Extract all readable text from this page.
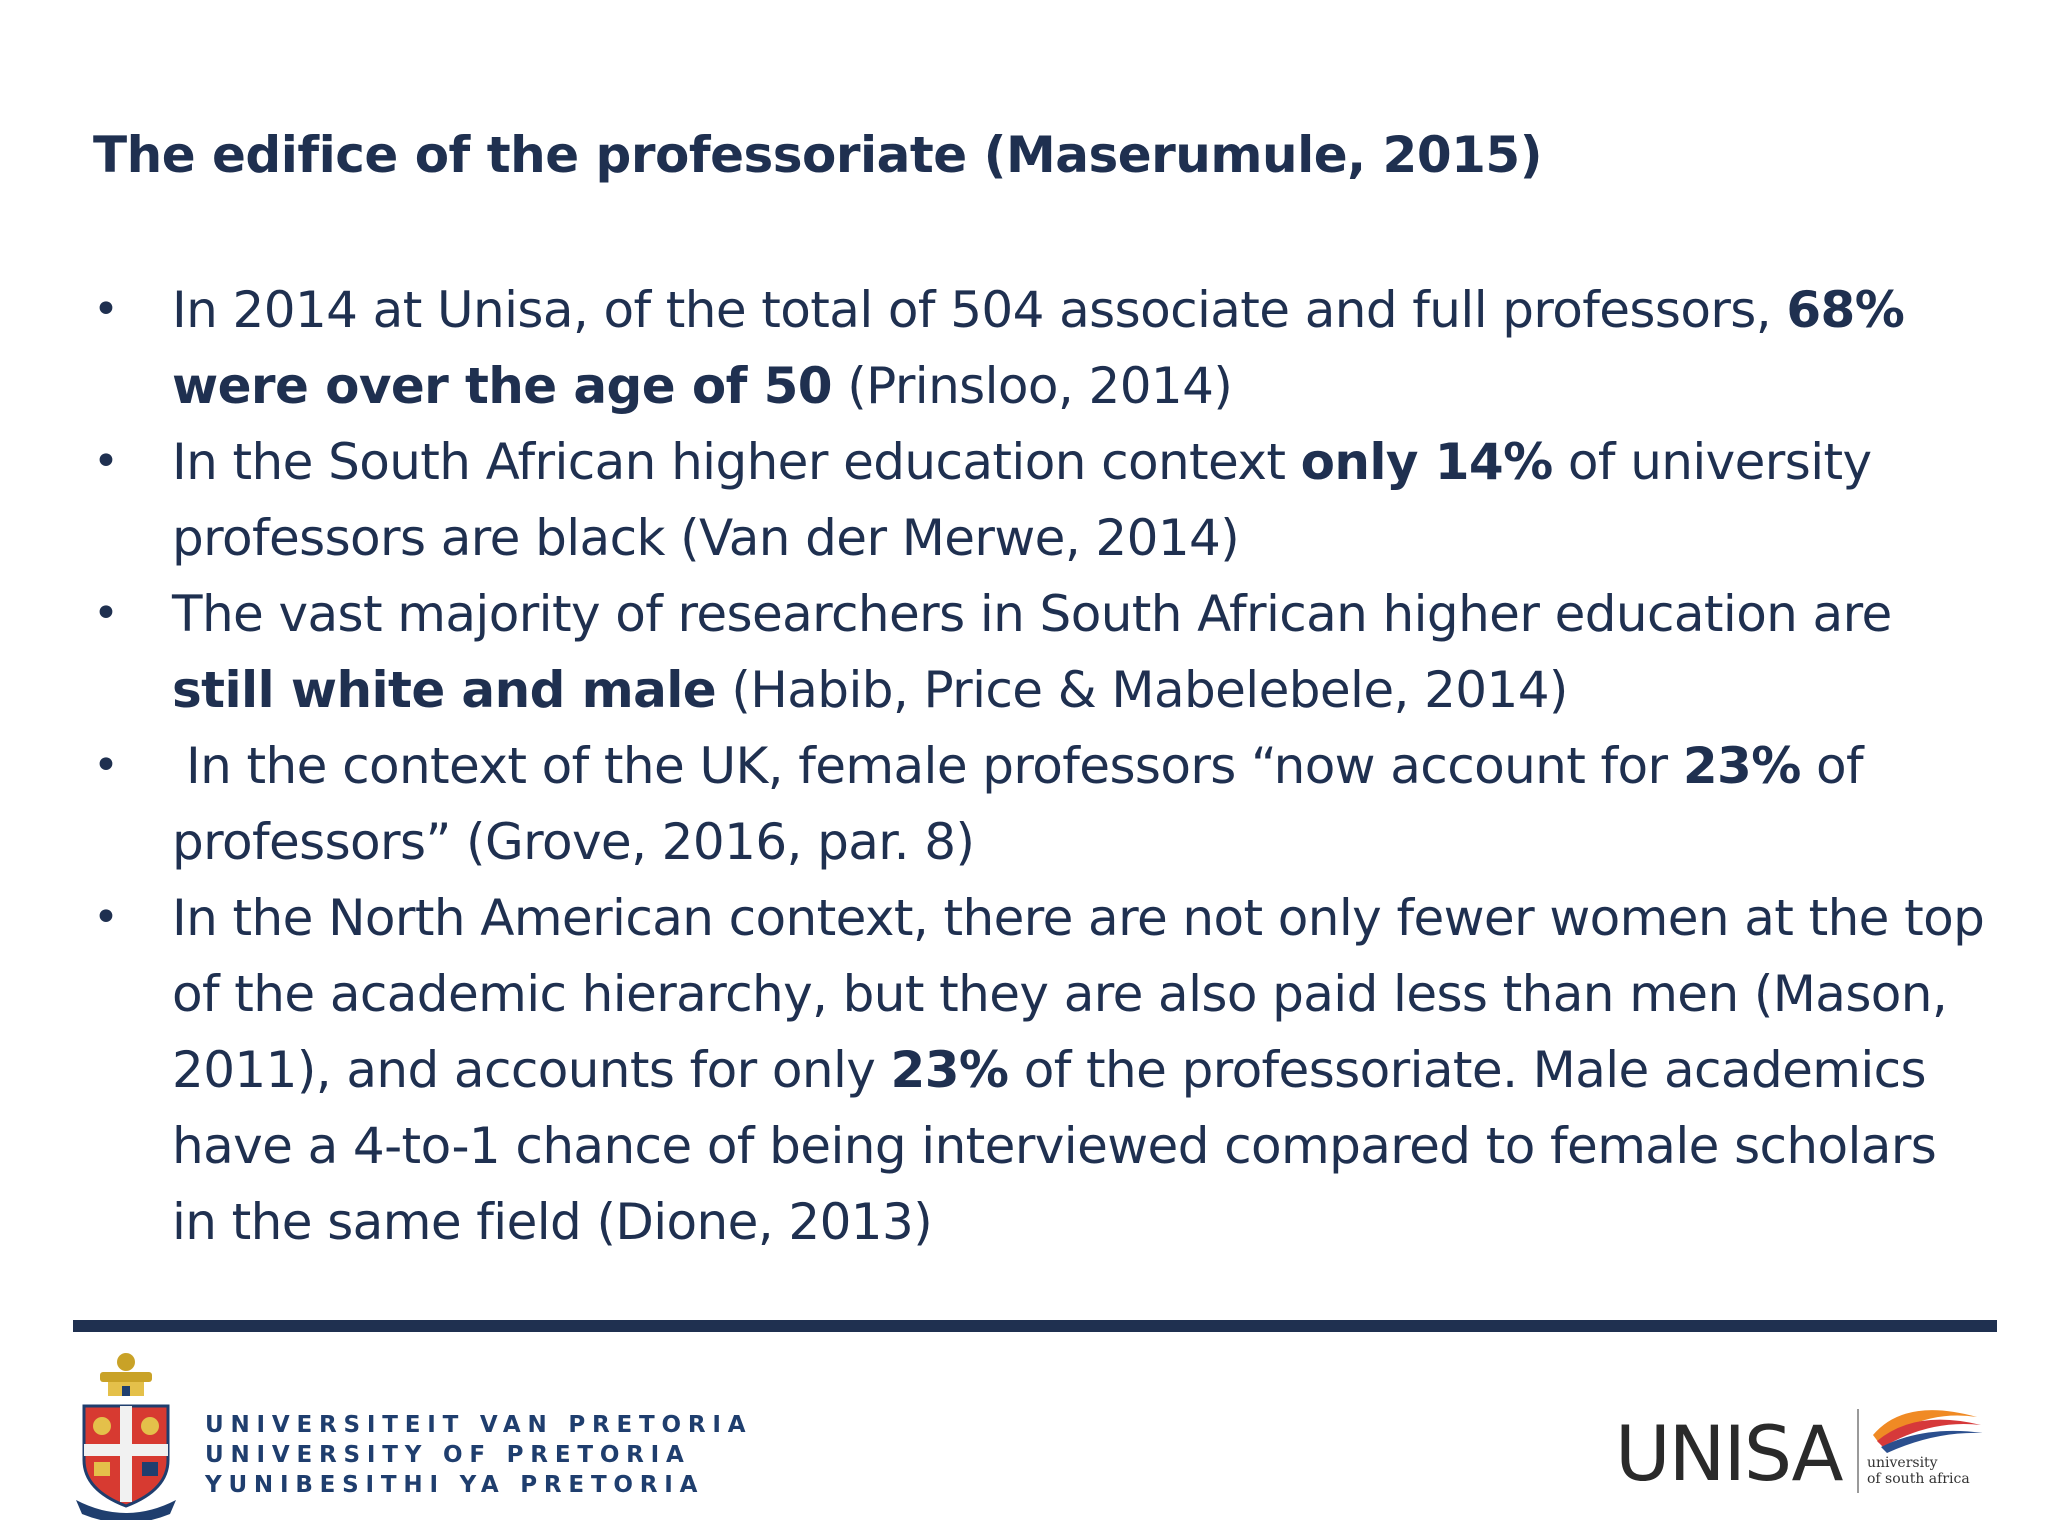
The edifice of the professoriate (Maserumule, 2015)
• In 2014 at Unisa, of the total of 504 associate and full professors, 68% were over the age of 50 (Prinsloo, 2014)
• In the South African higher education context only 14% of university professors are black (Van der Merwe, 2014)
• The vast majority of researchers in South African higher education are still white and male (Habib, Price & Mabelebele, 2014)
• In the context of the UK, female professors “now account for 23% of professors” (Grove, 2016, par. 8)
• In the North American context, there are not only fewer women at the top of the academic hierarchy, but they are also paid less than men (Mason, 2011), and accounts for only 23% of the professoriate. Male academics have a 4-to-1 chance of being interviewed compared to female scholars in the same field (Dione, 2013)
UNIVERSITEIT VAN PRETORIA
UNIVERSITY OF PRETORIA
YUNIBESITHI YA PRETORIA	UNISA university
of south africa
